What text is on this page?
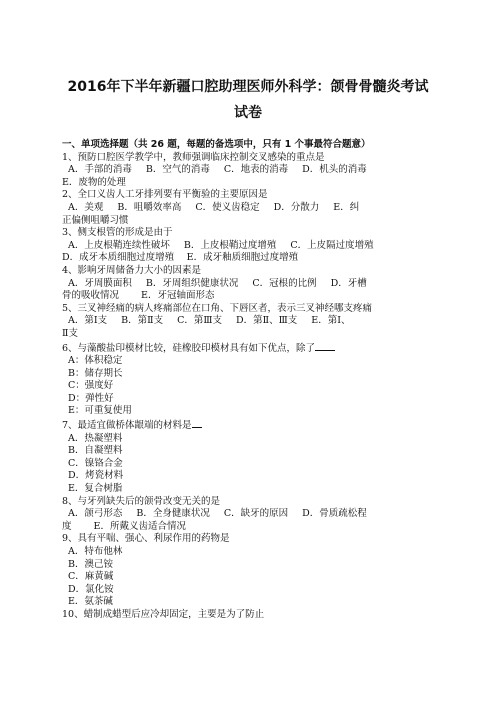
2016年下半年新疆口腔助理医师外科学：颌骨骨髓炎考试
试卷
一、单项选择题（共 26 题，每题的备选项中，只有 1 个事最符合题意）
1、预防口腔医学教学中，教师强调临床控制交叉感染的重点是
A．手部的消毒 B．空气的消毒 C．地表的消毒 D．机头的消毒
E．废物的处理
2、全口义齿人工牙排列要有平衡验的主要原因是
A．美观 B．咀嚼效率高 C．使义齿稳定 D．分散力 E．纠
正偏侧咀嚼习惯
3、侧支根管的形成是由于
A．上皮根鞘连续性破坏 B．上皮根鞘过度增殖 C．上皮隔过度增殖
D．成牙本质细胞过度增殖　 E．成牙釉质细胞过度增殖
4、影响牙周储备力大小的因素是
A．牙周膜面积 B．牙周组织健康状况 C．冠根的比例 D．牙槽
骨的吸收情况　　 E．牙冠轴面形态
5、三叉神经痛的病人疼痛部位在口角、下唇区者，表示三叉神经哪支疼痛
A．第Ⅰ支 B．第Ⅱ支 C．第Ⅲ支 D．第Ⅱ、Ⅲ支 E．第Ⅰ、
Ⅱ支
6、与藻酸盐印模材比较，硅橡胶印模材具有如下优点，除了
A：体积稳定
B：储存期长
C：强度好
D：弹性好
E：可重复使用
7、最适宜做桥体龈端的材料是
A．热凝塑料
B．自凝塑料
C．镍铬合金
D．烤瓷材料
E．复合树脂
8、与牙列缺失后的颌骨改变无关的是
A．颌弓形态 B．全身健康状况 C．缺牙的原因 D．骨质疏松程
度　　 E．所戴义齿适合情况
9、具有平喘、强心、利尿作用的药物是
A．特布他林
B．澳己铵
C．麻黄碱
D．氯化铵
E．氨茶碱
10、蜡制成蜡型后应冷却固定，主要是为了防止
